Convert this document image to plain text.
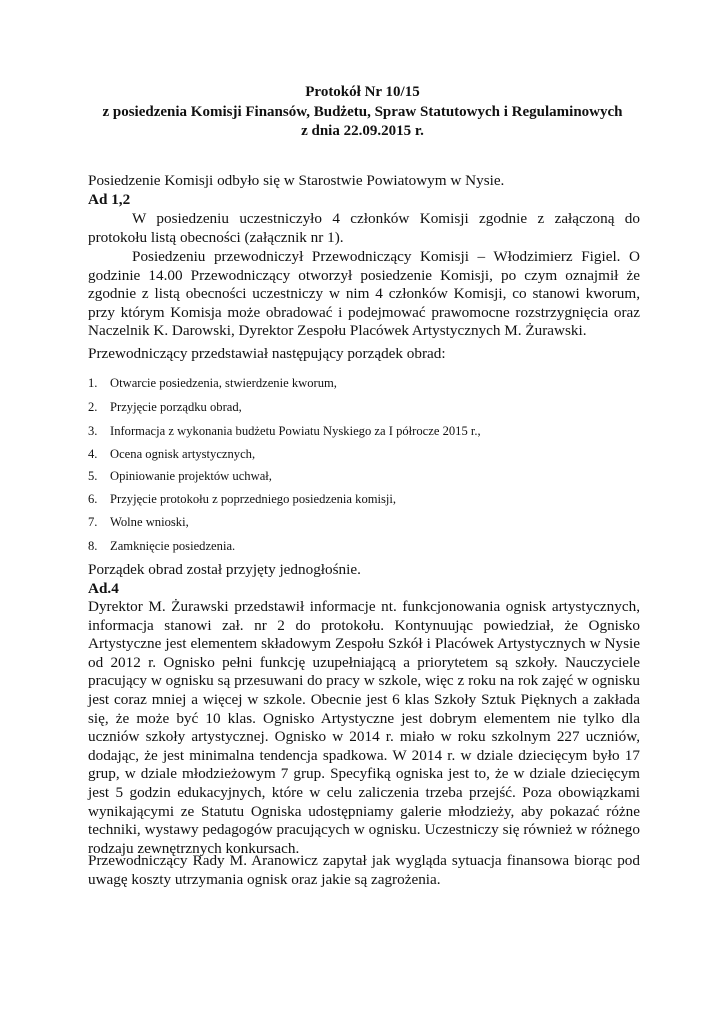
Protokół Nr 10/15
z posiedzenia Komisji Finansów, Budżetu, Spraw Statutowych i Regulaminowych
z dnia 22.09.2015 r.

Posiedzenie Komisji odbyło się w Starostwie Powiatowym w Nysie.

Ad 1,2

W posiedzeniu uczestniczyło 4 członków Komisji zgodnie z załączoną do protokołu listą obecności (załącznik nr 1).

Posiedzeniu przewodniczył Przewodniczący Komisji – Włodzimierz Figiel. O godzinie 14.00 Przewodniczący otworzył posiedzenie Komisji, po czym oznajmił że zgodnie z listą obecności uczestniczy w nim 4 członków Komisji, co stanowi kworum, przy którym Komisja może obradować i podejmować prawomocne rozstrzygnięcia oraz Naczelnik K. Darowski, Dyrektor Zespołu Placówek Artystycznych M. Żurawski.

Przewodniczący przedstawiał następujący porządek obrad:

1. Otwarcie posiedzenia, stwierdzenie kworum,
2. Przyjęcie porządku obrad,
3. Informacja z wykonania budżetu Powiatu Nyskiego za I półrocze 2015 r.,
4. Ocena ognisk artystycznych,
5. Opiniowanie projektów uchwał,
6. Przyjęcie protokołu z poprzedniego posiedzenia komisji,
7. Wolne wnioski,
8. Zamknięcie posiedzenia.

Porządek obrad został przyjęty jednogłośnie.

Ad.4

Dyrektor M. Żurawski przedstawił informacje nt. funkcjonowania ognisk artystycznych, informacja stanowi zał. nr 2 do protokołu. Kontynuując powiedział, że Ognisko Artystyczne jest elementem składowym Zespołu Szkół i Placówek Artystycznych w Nysie od 2012 r. Ognisko pełni funkcję uzupełniającą a priorytetem są szkoły. Nauczyciele pracujący w ognisku są przesuwani do pracy w szkole, więc z roku na rok zajęć w ognisku jest coraz mniej a więcej w szkole. Obecnie jest 6 klas Szkoły Sztuk Pięknych a zakłada się, że może być 10 klas. Ognisko Artystyczne jest dobrym elementem nie tylko dla uczniów szkoły artystycznej. Ognisko w 2014 r. miało w roku szkolnym 227 uczniów, dodając, że jest minimalna tendencja spadkowa. W 2014 r. w dziale dziecięcym było 17 grup, w dziale młodzieżowym 7 grup. Specyfiką ogniska jest to, że w dziale dziecięcym jest 5 godzin edukacyjnych, które w celu zaliczenia trzeba przejść. Poza obowiązkami wynikającymi ze Statutu Ogniska udostępniamy galerie młodzieży, aby pokazać różne techniki, wystawy pedagogów pracujących w ognisku. Uczestniczy się również w różnego rodzaju zewnętrznych konkursach.

Przewodniczący Rady M. Aranowicz zapytał jak wygląda sytuacja finansowa biorąc pod uwagę koszty utrzymania ognisk oraz jakie są zagrożenia.
